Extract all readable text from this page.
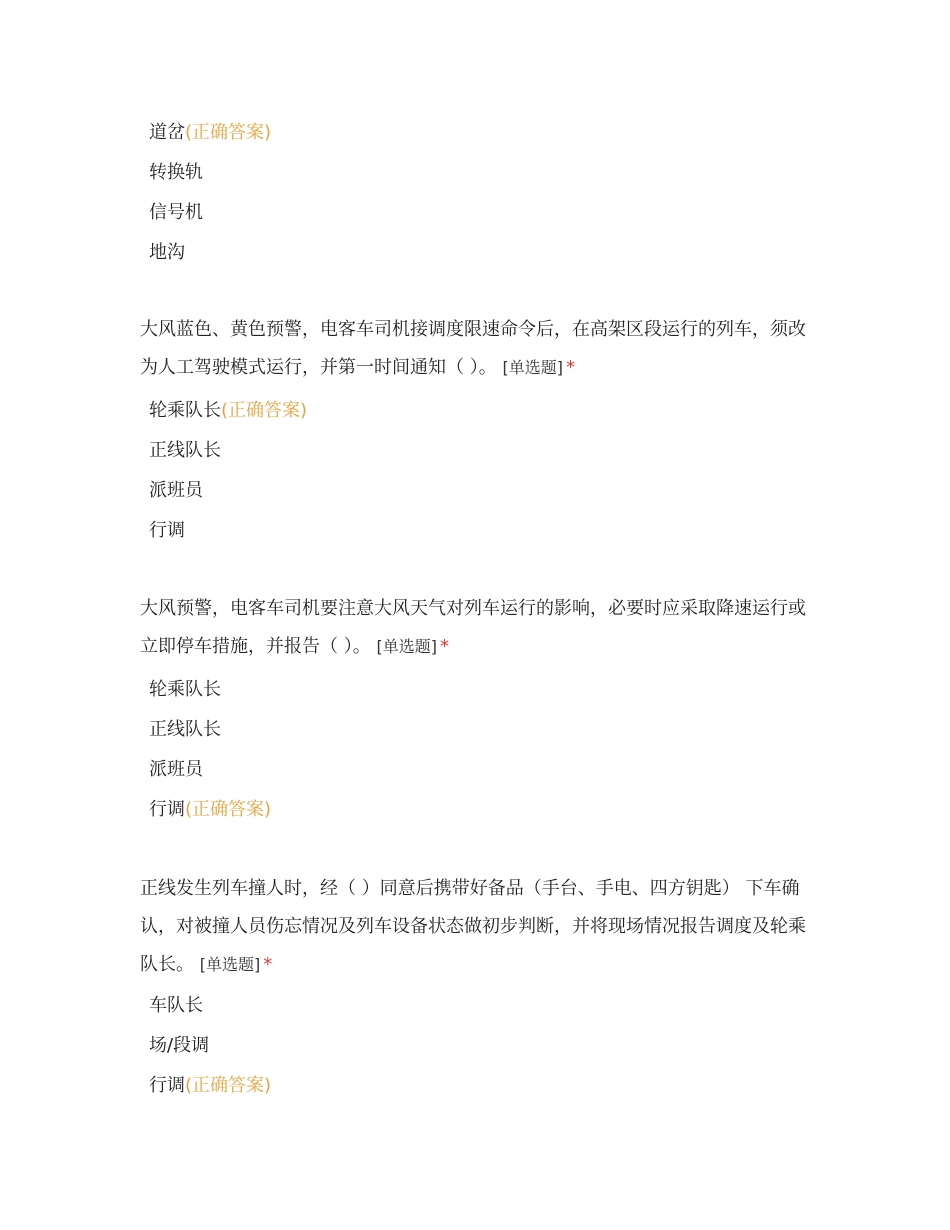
道岔(正确答案)
转换轨
信号机
地沟

大风蓝色、黄色预警，电客车司机接调度限速命令后，在高架区段运行的列车，须改为人工驾驶模式运行，并第一时间通知（ ）。 [单选题] *

轮乘队长(正确答案)
正线队长
派班员
行调

大风预警，电客车司机要注意大风天气对列车运行的影响，必要时应采取降速运行或立即停车措施，并报告（ ）。 [单选题] *

轮乘队长
正线队长
派班员
行调(正确答案)

正线发生列车撞人时，经（ ）同意后携带好备品（手台、手电、四方钥匙） 下车确认，对被撞人员伤忘情况及列车设备状态做初步判断，并将现场情况报告调度及轮乘队长。 [单选题] *

车队长
场/段调
行调(正确答案)
